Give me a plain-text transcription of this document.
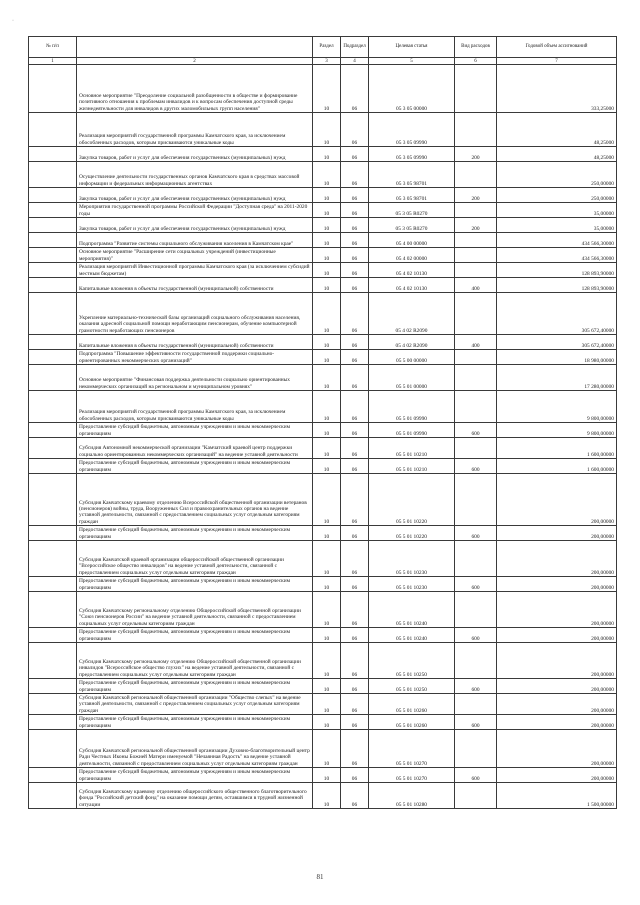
·
№ п/п		Раздел	Подраздел	Целевая статья	Вид расходов	Годовой объем ассигнований
1	2	3	4	5	6	7
	Основное мероприятие "Преодоление социальной разобщенности в обществе и формирование позитивного отношения к проблемам инвалидов и к вопросам обеспечения доступной среды жизнедеятельности для инвалидов в других маломобильных групп населения"	10	06	05 3 05 00000		333,25000
	Реализация мероприятий государственной программы Камчатского края, за исключением обособленных расходов, которым присваиваются уникальные коды	10	06	05 3 05 09990		48,25000
	Закупка товаров, работ и услуг для обеспечения государственных (муниципальных) нужд	10	06	05 3 05 09990	200	48,25000
	Осуществление деятельности государственных органов Камчатского края в средствах массовой информации и федеральных информационных агентствах	10	06	05 3 05 98701		250,00000
	Закупка товаров, работ и услуг для обеспечения государственных (муниципальных) нужд	10	06	05 3 05 98701	200	250,00000
	Мероприятия государственной программы Российской Федерации "Доступная среда" на 2011-2020 годы	10	06	05 3 05 R0270		35,00000
	Закупка товаров, работ и услуг для обеспечения государственных (муниципальных) нужд	10	06	05 3 05 R0270	200	35,00000
	Подпрограмма "Развитие системы социального обслуживания населения в Камчатском крае"	10	06	05 4 00 00000		434 566,30000
	Основное мероприятие "Расширение сети социальных учреждений (инвестиционные мероприятия)"	10	06	05 4 02 00000		434 566,30000
	Реализация мероприятий Инвестиционной программы Камчатского края (за исключением субсидий местным бюджетам)	10	06	05 4 02 10130		128 893,90000
	Капитальные вложения в объекты государственной (муниципальной) собственности	10	06	05 4 02 10130	400	128 893,90000
	Укрепление материально-технической базы организаций социального обслуживания населения, оказания адресной социальной помощи неработающим пенсионерам, обучение компьютерной грамотности неработающих пенсионеров	10	06	05 4 02 R2090		305 672,40000
	Капитальные вложения в объекты государственной (муниципальной) собственности	10	06	05 4 02 R2090	400	305 672,40000
	Подпрограмма "Повышение эффективности государственной поддержки социально-ориентированных некоммерческих организаций"	10	06	05 5 00 00000		18 980,00000
	Основное мероприятие "Финансовая поддержка деятельности социально ориентированных некоммерческих организаций на региональном и муниципальном уровнях"	10	06	05 5 01 00000		17 280,00000
	Реализация мероприятий государственной программы Камчатского края, за исключением обособленных расходов, которым присваиваются уникальные коды	10	06	05 5 01 09990		9 800,00000
	Предоставление субсидий бюджетным, автономным учреждениям и иным некоммерческим организациям	10	06	05 5 01 09990	600	9 800,00000
	Субсидия Автономной некоммерческой организации "Камчатский краевой центр поддержки социально ориентированных некоммерческих организаций" на ведение уставной деятельности	10	06	05 5 01 10210		1 600,00000
	Предоставление субсидий бюджетным, автономным учреждениям и иным некоммерческим организациям	10	06	05 5 01 10210	600	1 600,00000
	Субсидия Камчатскому краевому отделению Всероссийской общественной организации ветеранов (пенсионеров) войны, труда, Вооруженных Сил и правоохранительных органов на ведение уставной деятельности, связанной с предоставлением социальных услуг отдельным категориям граждан	10	06	05 5 01 10220		200,00000
	Предоставление субсидий бюджетным, автономным учреждениям и иным некоммерческим организациям	10	06	05 5 01 10220	600	200,00000
	Субсидия Камчатской краевой организации общероссийской общественной организации "Всероссийское общество инвалидов" на ведение уставной деятельности, связанной с предоставлением социальных услуг отдельным категориям граждан	10	06	05 5 01 10230		200,00000
	Предоставление субсидий бюджетным, автономным учреждениям и иным некоммерческим организациям	10	06	05 5 01 10230	600	200,00000
	Субсидия Камчатскому региональному отделению Общероссийской общественной организации "Союз пенсионеров России" на ведение уставной деятельности, связанной с предоставлением социальных услуг отдельным категориям граждан	10	06	05 5 01 10240		200,00000
	Предоставление субсидий бюджетным, автономным учреждениям и иным некоммерческим организациям	10	06	05 5 01 10240	600	200,00000
	Субсидия Камчатскому региональному отделению Общероссийской общественной организации инвалидов "Всероссийское общество глухих" на ведение уставной деятельности, связанной с предоставлением социальных услуг отдельным категориям граждан	10	06	05 5 01 10250		200,00000
	Предоставление субсидий бюджетным, автономным учреждениям и иным некоммерческим организациям	10	06	05 5 01 10250	600	200,00000
	Субсидия Камчатской региональной общественной организации "Общество слепых" на ведение уставной деятельности, связанной с предоставлением социальных услуг отдельным категориям граждан	10	06	05 5 01 10260		200,00000
	Предоставление субсидий бюджетным, автономным учреждениям и иным некоммерческим организациям	10	06	05 5 01 10260	600	200,00000
	Субсидия Камчатской региональной общественной организации Духовно-благотворительный центр Ради Честных Иконы Божией Матери именуемой "Нечаянная Радость" на ведение уставной деятельности, связанной с предоставлением социальных услуг отдельным категориям граждан	10	06	05 5 01 10270		200,00000
	Предоставление субсидий бюджетным, автономным учреждениям и иным некоммерческим организациям	10	06	05 5 01 10270	600	200,00000
	Субсидия Камчатскому краевому отделению общероссийского общественного благотворительного фонда "Российский детский фонд" на оказание помощи детям, оставшимся в трудной жизненной ситуации	10	06	05 5 01 10280		1 500,00000
81
